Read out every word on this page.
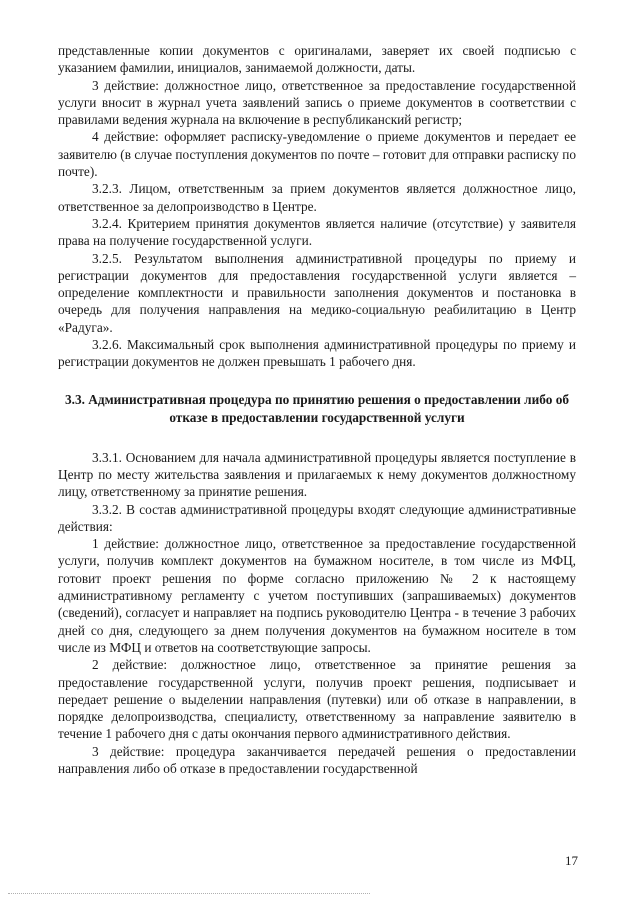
представленные копии документов с оригиналами, заверяет их своей подписью с указанием фамилии, инициалов, занимаемой должности, даты.

3 действие: должностное лицо, ответственное за предоставление государственной услуги вносит в журнал учета заявлений запись о приеме документов в соответствии с правилами ведения журнала на включение в республиканский регистр;

4 действие: оформляет расписку-уведомление о приеме документов и передает ее заявителю (в случае поступления документов по почте – готовит для отправки расписку по почте).

3.2.3. Лицом, ответственным за прием документов является должностное лицо, ответственное за делопроизводство в Центре.

3.2.4. Критерием принятия документов является наличие (отсутствие) у заявителя права на получение государственной услуги.

3.2.5. Результатом выполнения административной процедуры по приему и регистрации документов для предоставления государственной услуги является – определение комплектности и правильности заполнения документов и постановка в очередь для получения направления на медико-социальную реабилитацию в Центр «Радуга».

3.2.6. Максимальный срок выполнения административной процедуры по приему и регистрации документов не должен превышать 1 рабочего дня.

3.3. Административная процедура по принятию решения о предоставлении либо об отказе в предоставлении государственной услуги

3.3.1. Основанием для начала административной процедуры является поступление в Центр по месту жительства заявления и прилагаемых к нему документов должностному лицу, ответственному за принятие решения.

3.3.2. В состав административной процедуры входят следующие административные действия:

1 действие: должностное лицо, ответственное за предоставление государственной услуги, получив комплект документов на бумажном носителе, в том числе из МФЦ, готовит проект решения по форме согласно приложению № 2 к настоящему административному регламенту с учетом поступивших (запрашиваемых) документов (сведений), согласует и направляет на подпись руководителю Центра - в течение 3 рабочих дней со дня, следующего за днем получения документов на бумажном носителе в том числе из МФЦ и ответов на соответствующие запросы.

2 действие: должностное лицо, ответственное за принятие решения за предоставление государственной услуги, получив проект решения, подписывает и передает решение о выделении направления (путевки) или об отказе в направлении, в порядке делопроизводства, специалисту, ответственному за направление заявителю в течение 1 рабочего дня с даты окончания первого административного действия.

3 действие: процедура заканчивается передачей решения о предоставлении направления либо об отказе в предоставлении государственной

17
